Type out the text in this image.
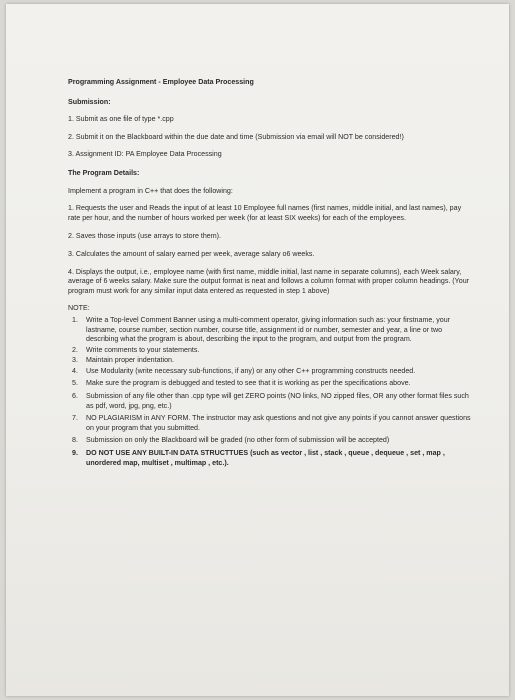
Programming Assignment - Employee Data Processing
Submission:
1. Submit as one file of type *.cpp
2. Submit it on the Blackboard within the due date and time (Submission via email will NOT be considered!)
3. Assignment ID: PA Employee Data Processing
The Program Details:
Implement a program in C++ that does the following:
1. Requests the user and Reads the input of at least 10 Employee full names (first names, middle initial, and last names), pay rate per hour, and the number of hours worked per week (for at least SIX weeks) for each of the employees.
2. Saves those inputs (use arrays to store them).
3. Calculates the amount of salary earned per week, average salary o6 weeks.
4. Displays the output, i.e., employee name (with first name, middle initial, last name in separate columns), each Week salary, average of 6 weeks salary. Make sure the output format is neat and follows a column format with proper column headings. (Your program must work for any similar input data entered as requested in step 1 above)
NOTE:
1. Write a Top-level Comment Banner using a multi-comment operator, giving information such as: your firstname, your lastname, course number, section number, course title, assignment id or number, semester and year, a line or two describing what the program is about, describing the input to the program, and output from the program.
2. Write comments to your statements.
3. Maintain proper indentation.
4. Use Modularity (write necessary sub-functions, if any) or any other C++ programming constructs needed.
5. Make sure the program is debugged and tested to see that it is working as per the specifications above.
6. Submission of any file other than .cpp type will get ZERO points (NO links, NO zipped files, OR any other format files such as pdf, word, jpg, png, etc.)
7. NO PLAGIARISM in ANY FORM. The instructor may ask questions and not give any points if you cannot answer questions on your program that you submitted.
8. Submission on only the Blackboard will be graded (no other form of submission will be accepted)
9. DO NOT USE ANY BUILT-IN DATA STRUCTTUES (such as vector , list , stack , queue , dequeue , set , map , unordered map, multiset , multimap , etc.).
